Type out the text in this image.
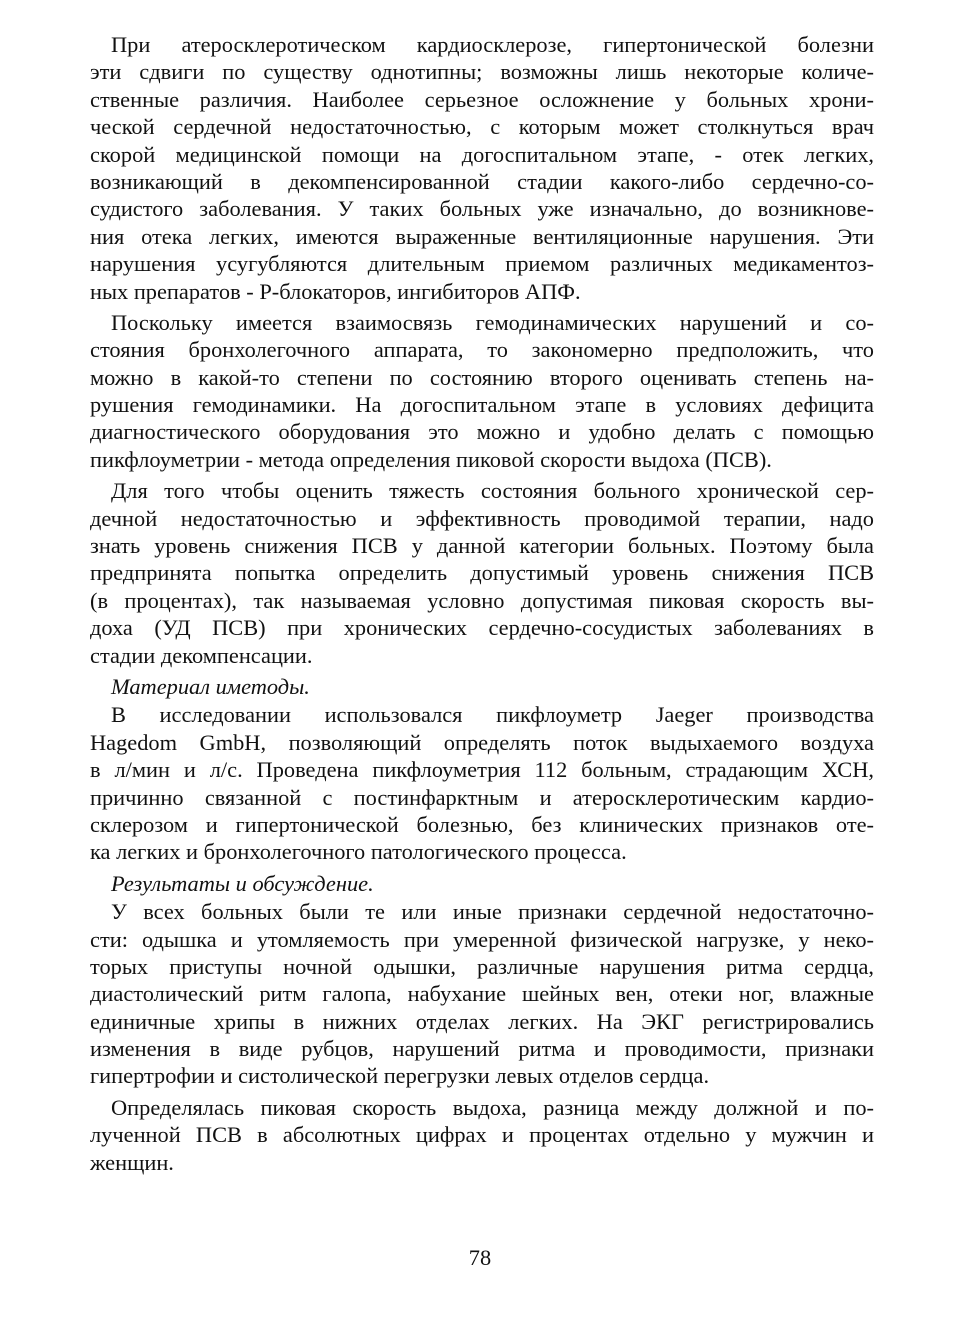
При атеросклеротическом кардиосклерозе, гипертонической болезни
эти сдвиги по существу однотипны; возможны лишь некоторые количе-
ственные различия. Наиболее серьезное осложнение у больных хрони-
ческой сердечной недостаточностью, с которым может столкнуться врач
скорой медицинской помощи на догоспитальном этапе, - отек легких,
возникающий в декомпенсированной стадии какого-либо сердечно-со-
судистого заболевания. У таких больных уже изначально, до возникнове-
ния отека легких, имеются выраженные вентиляционные нарушения. Эти
нарушения усугубляются длительным приемом различных медикаментоз-
ных препаратов - Р-блокаторов, ингибиторов АПФ.
Поскольку имеется взаимосвязь гемодинамических нарушений и со-
стояния бронхолегочного аппарата, то закономерно предположить, что
можно в какой-то степени по состоянию второго оценивать степень на-
рушения гемодинамики. На догоспитальном этапе в условиях дефицита
диагностического оборудования это можно и удобно делать с помощью
пикфлоуметрии - метода определения пиковой скорости выдоха (ПСВ).
Для того чтобы оценить тяжесть состояния больного хронической сер-
дечной недостаточностью и эффективность проводимой терапии, надо
знать уровень снижения ПСВ у данной категории больных. Поэтому была
предпринята попытка определить допустимый уровень снижения ПСВ
(в процентах), так называемая условно допустимая пиковая скорость вы-
доха (УД ПСВ) при хронических сердечно-сосудистых заболеваниях в
стадии декомпенсации.
Материал иметоды.
В исследовании использовался пикфлоуметр Jaeger производства
Hagedom GmbH, позволяющий определять поток выдыхаемого воздуха
в л/мин и л/с. Проведена пикфлоуметрия 112 больным, страдающим ХСН,
причинно связанной с постинфарктным и атеросклеротическим кардио-
склерозом и гипертонической болезнью, без клинических признаков оте-
ка легких и бронхолегочного патологического процесса.
Результаты и обсуждение.
У всех больных были те или иные признаки сердечной недостаточно-
сти: одышка и утомляемость при умеренной физической нагрузке, у неко-
торых приступы ночной одышки, различные нарушения ритма сердца,
диастолический ритм галопа, набухание шейных вен, отеки ног, влажные
единичные хрипы в нижних отделах легких. На ЭКГ регистрировались
изменения в виде рубцов, нарушений ритма и проводимости, признаки
гипертрофии и систолической перегрузки левых отделов сердца.
Определялась пиковая скорость выдоха, разница между должной и по-
лученной ПСВ в абсолютных цифрах и процентах отдельно у мужчин и
женщин.
78
